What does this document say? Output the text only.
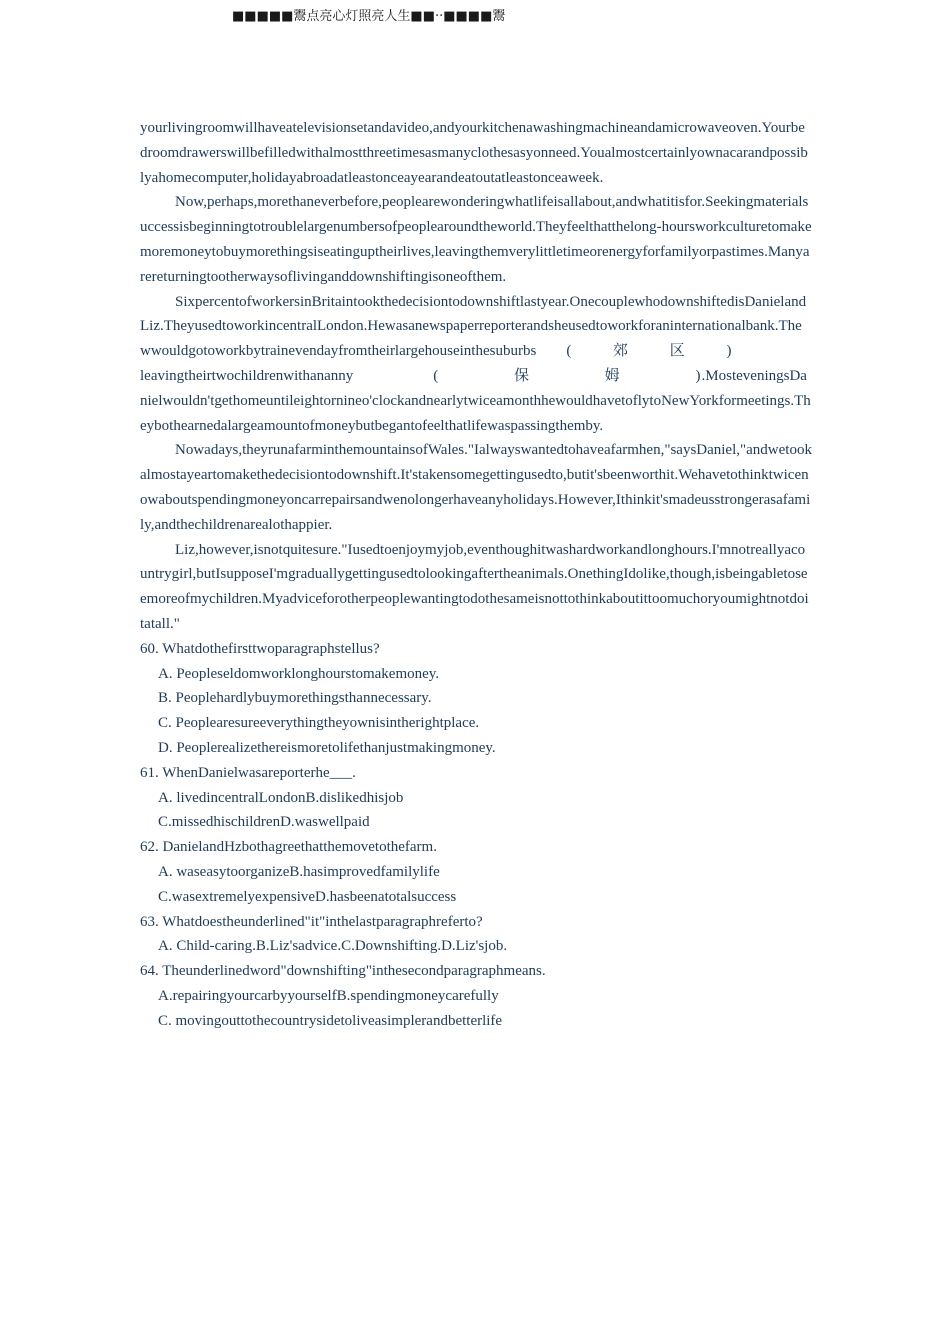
■■■■■鬻点亮心灯照亮人生■■··■■■■鬻

yourlivingroomwillhaveatelevisionsetandavideo,andyourkitchenawashingmachineandamicrowaveoven.Yourbedroomdrawerswillbefilledwithalmostthreetimesasmanyclothesasyonneed.Youalmostcertainlyownacarandpossiblyahomecomputer,holidayabroadatleastonceayearandeatoutatleastonceaweek.

Now,perhaps,morethaneverbefore,peoplearewonderingwhatlifeisallabout,andwhatitisfor.Seekingmaterialsuccessisbeginningtotroublelargenumbersofpeoplearoundtheworld.Theyfeelthatthelong-hoursworkculturetomakemoremoneytobuymorethingsiseatinguptheirlives,leavingthemverylittletimeorenergyforfamilyorpastimes.Manyarereturningtootherwaysoflivinganddownshiftingisoneofthem.

SixpercentofworkersinBritaintookthedecisiontodownshiftlastyear.OnecouplewhodownshiftedisDanielandLiz.TheyusedtoworkincentralLondon.Hewasanewspaperreporterandsheusedtoworkforaninternationalbank.Thewwouldgotoworkbytrainevendayfromtheirlargehouseinthesuburbs ( 郊 区 )
leavingtheirtwochildrenwithananny	( 保 姆 ).MosteveningsDanielwouldn'tgethomeuntileightornineo'clockandnearlytwiceamonthhewouldhavetoflytoNewYorkformeetings.Theybothearnedalargeamountofmoneybutbegantofeelthatlifewaspassingthemby.

Nowadays,theyrunafarminthemountainsofWales."Ialwayswantedtohaveafarmhen,"saysDaniel,"andwetookalmostayeartomakethedecisiontodownshift.It'stakensomegettingusedto,butit'sbeenworthit.Wehavetothinktwicenowaboutspendingmoneyoncarrepairsandwenolongerhaveanyholidays.However,Ithinkit'smadeusstrongerasafamily,andthechildrenarealothappier.

Liz,however,isnotquitesure."Iusedtoenjoymyjob,eventhoughitwashardworkandlonghours.I'mnotreallyacountrygirl,butIsupposeI'mgraduallygettingusedtolookingaftertheanimals.OnethingIdolike,though,isbeingabletoseemoreofmychildren.Myadviceforotherpeoplewantingtodothesameisnottothinkaboutittoomuchoryoumightnotdoitatall."

60. Whatdothefirsttwoparagraphstellus?
A. Peopleseldomworklonghourstomakemoney.
B. Peoplehardlybuymorethingsthannecessary.
C. Peoplearesureeverythingtheyownisintherightplace.
D. Peoplerealizethereismoretolifethanjustmakingmoney.
61. WhenDanielwasareporterhe___.
A. livedincentralLondonB.dislikedhisjob
C.missedhischildrenD.waswellpaid
62. DanielandHzbothagreethatthemovetothefarm.
A. waseasytoorganizeB.hasimprovedfamilylife
C.wasextremelyexpensiveD.hasbeenatotalsuccess
63. Whatdoestheunderlined"it"inthelastparagraphreferto?
A. Child-caring.B.Liz'sadvice.C.Downshifting.D.Liz'sjob.
64. Theunderlinedword"downshifting"inthesecondparagraphmeans.
A.repairingyourcarbyyourselfB.spendingmoneycarefully
C. movingouttothecountrysidetoliveasimplerandbetterlife
